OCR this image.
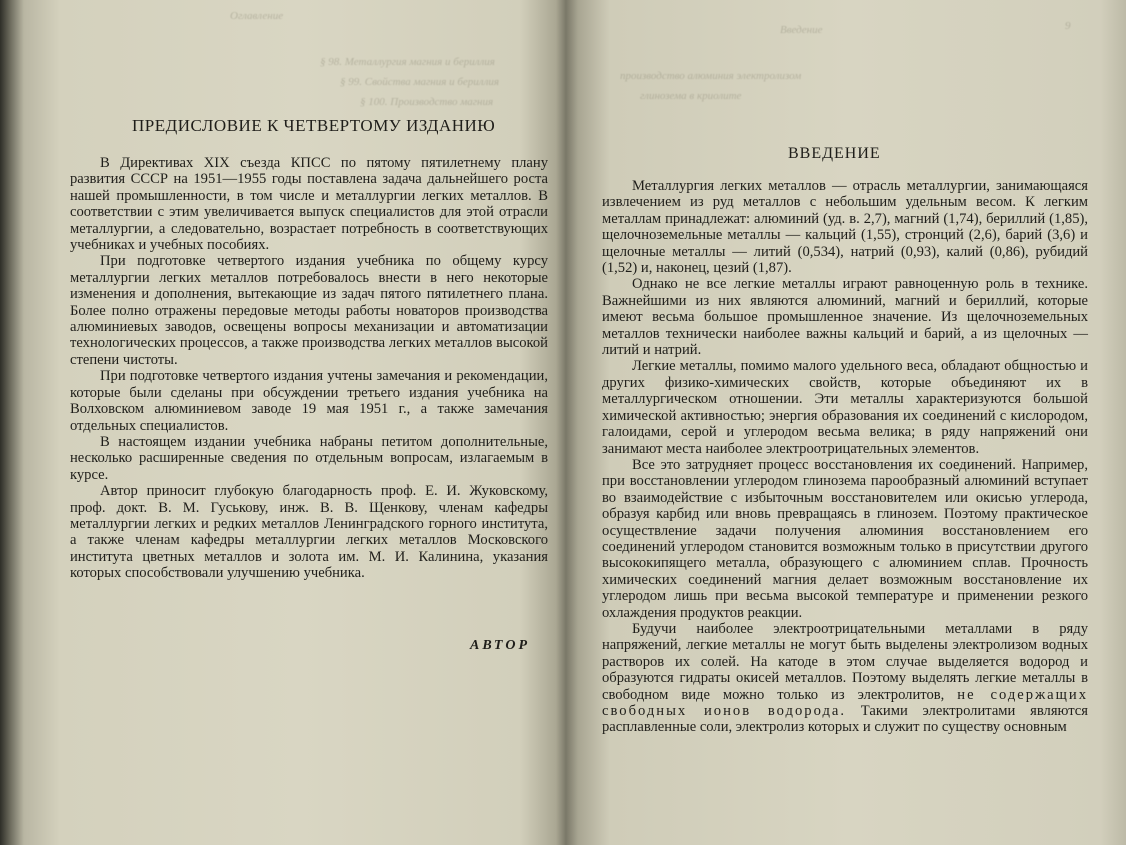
Оглавление
§ 98. Металлургия магния и бериллия
§ 99. Свойства магния и бериллия
§ 100. Производство магния
Введение
производство алюминия электролизом
глинозема в криолите
9
ПРЕДИСЛОВИЕ К ЧЕТВЕРТОМУ ИЗДАНИЮ

В Директивах XIX съезда КПСС по пятому пятилетнему плану развития СССР на 1951—1955 годы поставлена задача дальнейшего роста нашей промышленности, в том числе и металлургии легких металлов. В соответствии с этим увеличивается выпуск специалистов для этой отрасли металлургии, а следовательно, возрастает потребность в соответствующих учебниках и учебных пособиях.

При подготовке четвертого издания учебника по общему курсу металлургии легких металлов потребовалось внести в него некоторые изменения и дополнения, вытекающие из задач пятого пятилетнего плана. Более полно отражены передовые методы работы новаторов производства алюминиевых заводов, освещены вопросы механизации и автоматизации технологических процессов, а также производства легких металлов высокой степени чистоты.

При подготовке четвертого издания учтены замечания и рекомендации, которые были сделаны при обсуждении третьего издания учебника на Волховском алюминиевом заводе 19 мая 1951 г., а также замечания отдельных специалистов.

В настоящем издании учебника набраны петитом дополнительные, несколько расширенные сведения по отдельным вопросам, излагаемым в курсе.

Автор приносит глубокую благодарность проф. Е. И. Жуковскому, проф. докт. В. М. Гуськову, инж. В. В. Щенкову, членам кафедры металлургии легких и редких металлов Ленинградского горного института, а также членам кафедры металлургии легких металлов Московского института цветных металлов и золота им. М. И. Калинина, указания которых способствовали улучшению учебника.

АВТОР
ВВЕДЕНИЕ

Металлургия легких металлов — отрасль металлургии, занимающаяся извлечением из руд металлов с небольшим удельным весом. К легким металлам принадлежат: алюминий (уд. в. 2,7), магний (1,74), бериллий (1,85), щелочноземельные металлы — кальций (1,55), стронций (2,6), барий (3,6) и щелочные металлы — литий (0,534), натрий (0,93), калий (0,86), рубидий (1,52) и, наконец, цезий (1,87).

Однако не все легкие металлы играют равноценную роль в технике. Важнейшими из них являются алюминий, магний и бериллий, которые имеют весьма большое промышленное значение. Из щелочноземельных металлов технически наиболее важны кальций и барий, а из щелочных — литий и натрий.

Легкие металлы, помимо малого удельного веса, обладают общностью и других физико-химических свойств, которые объединяют их в металлургическом отношении. Эти металлы характеризуются большой химической активностью; энергия образования их соединений с кислородом, галоидами, серой и углеродом весьма велика; в ряду напряжений они занимают места наиболее электроотрицательных элементов.

Все это затрудняет процесс восстановления их соединений. Например, при восстановлении углеродом глинозема парообразный алюминий вступает во взаимодействие с избыточным восстановителем или окисью углерода, образуя карбид или вновь превращаясь в глинозем. Поэтому практическое осуществление задачи получения алюминия восстановлением его соединений углеродом становится возможным только в присутствии другого высококипящего металла, образующего с алюминием сплав. Прочность химических соединений магния делает возможным восстановление их углеродом лишь при весьма высокой температуре и применении резкого охлаждения продуктов реакции.

Будучи наиболее электроотрицательными металлами в ряду напряжений, легкие металлы не могут быть выделены электролизом водных растворов их солей. На катоде в этом случае выделяется водород и образуются гидраты окисей металлов. Поэтому выделять легкие металлы в свободном виде можно только из электролитов, не содержащих свободных ионов водорода. Такими электролитами являются расплавленные соли, электролиз которых и служит по существу основным
